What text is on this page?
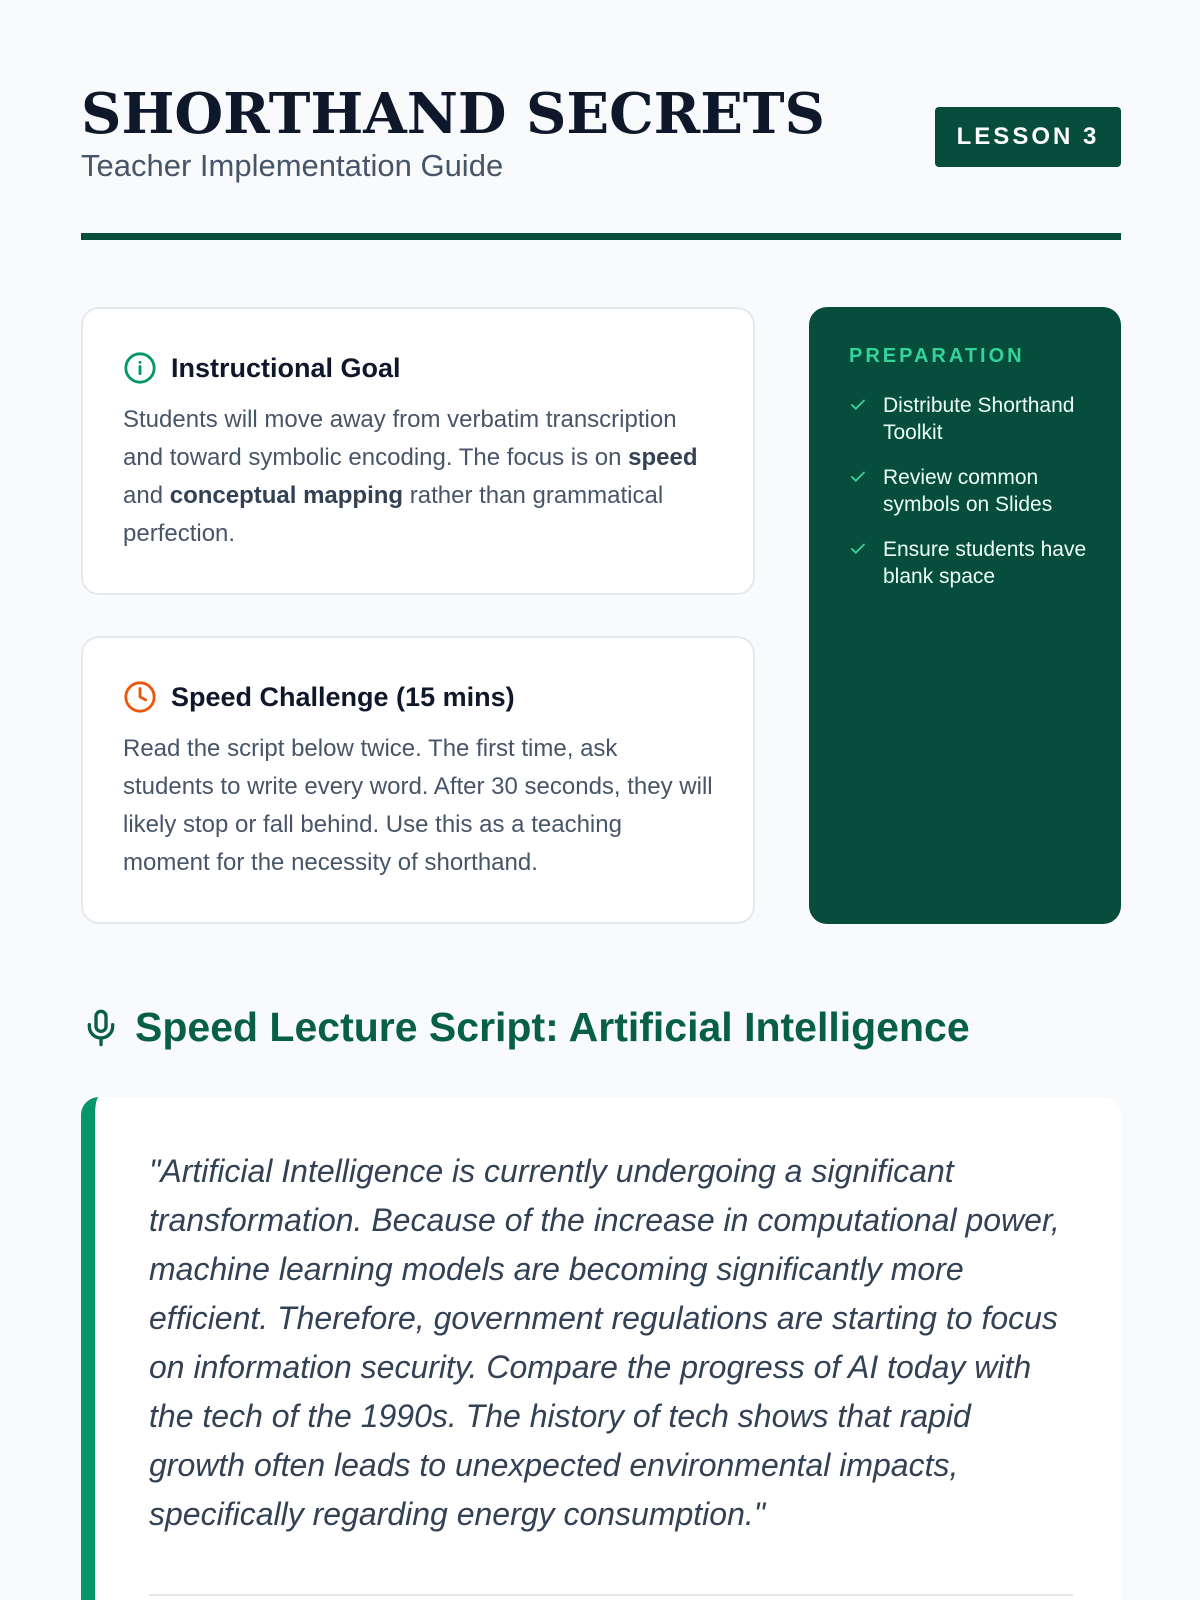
SHORTHAND SECRETS
Teacher Implementation Guide
LESSON 3
Instructional Goal

Students will move away from verbatim transcription and toward symbolic encoding. The focus is on speed and conceptual mapping rather than grammatical perfection.

Speed Challenge (15 mins)

Read the script below twice. The first time, ask students to write every word. After 30 seconds, they will likely stop or fall behind. Use this as a teaching moment for the necessity of shorthand.

PREPARATION
Distribute Shorthand Toolkit
Review common symbols on Slides
Ensure students have blank space
Speed Lecture Script: Artificial Intelligence

"Artificial Intelligence is currently undergoing a significant transformation. Because of the increase in computational power, machine learning models are becoming significantly more efficient. Therefore, government regulations are starting to focus on information security. Compare the progress of AI today with the tech of the 1990s. The history of tech shows that rapid growth often leads to unexpected environmental impacts, specifically regarding energy consumption."
